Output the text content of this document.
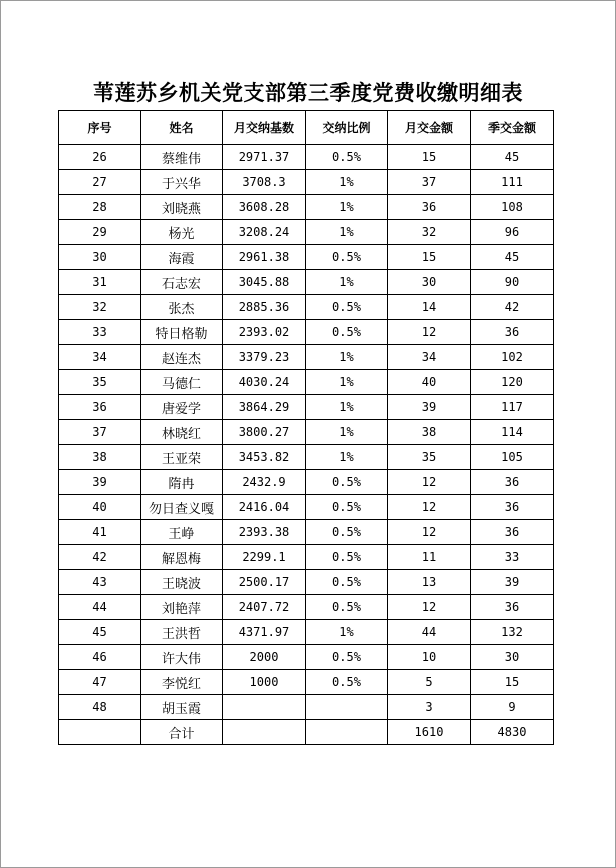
苇莲苏乡机关党支部第三季度党费收缴明细表
序号	姓名	月交纳基数	交纳比例	月交金额	季交金额
26	蔡维伟	2971.37	0.5%	15	45
27	于兴华	3708.3	1%	37	111
28	刘晓燕	3608.28	1%	36	108
29	杨光	3208.24	1%	32	96
30	海霞	2961.38	0.5%	15	45
31	石志宏	3045.88	1%	30	90
32	张杰	2885.36	0.5%	14	42
33	特日格勒	2393.02	0.5%	12	36
34	赵连杰	3379.23	1%	34	102
35	马德仁	4030.24	1%	40	120
36	唐爱学	3864.29	1%	39	117
37	林晓红	3800.27	1%	38	114
38	王亚荣	3453.82	1%	35	105
39	隋冉	2432.9	0.5%	12	36
40	勿日查义嘎	2416.04	0.5%	12	36
41	王峥	2393.38	0.5%	12	36
42	解恩梅	2299.1	0.5%	11	33
43	王晓波	2500.17	0.5%	13	39
44	刘艳萍	2407.72	0.5%	12	36
45	王洪哲	4371.97	1%	44	132
46	许大伟	2000	0.5%	10	30
47	李悦红	1000	0.5%	5	15
48	胡玉霞			3	9
	合计			1610	4830
